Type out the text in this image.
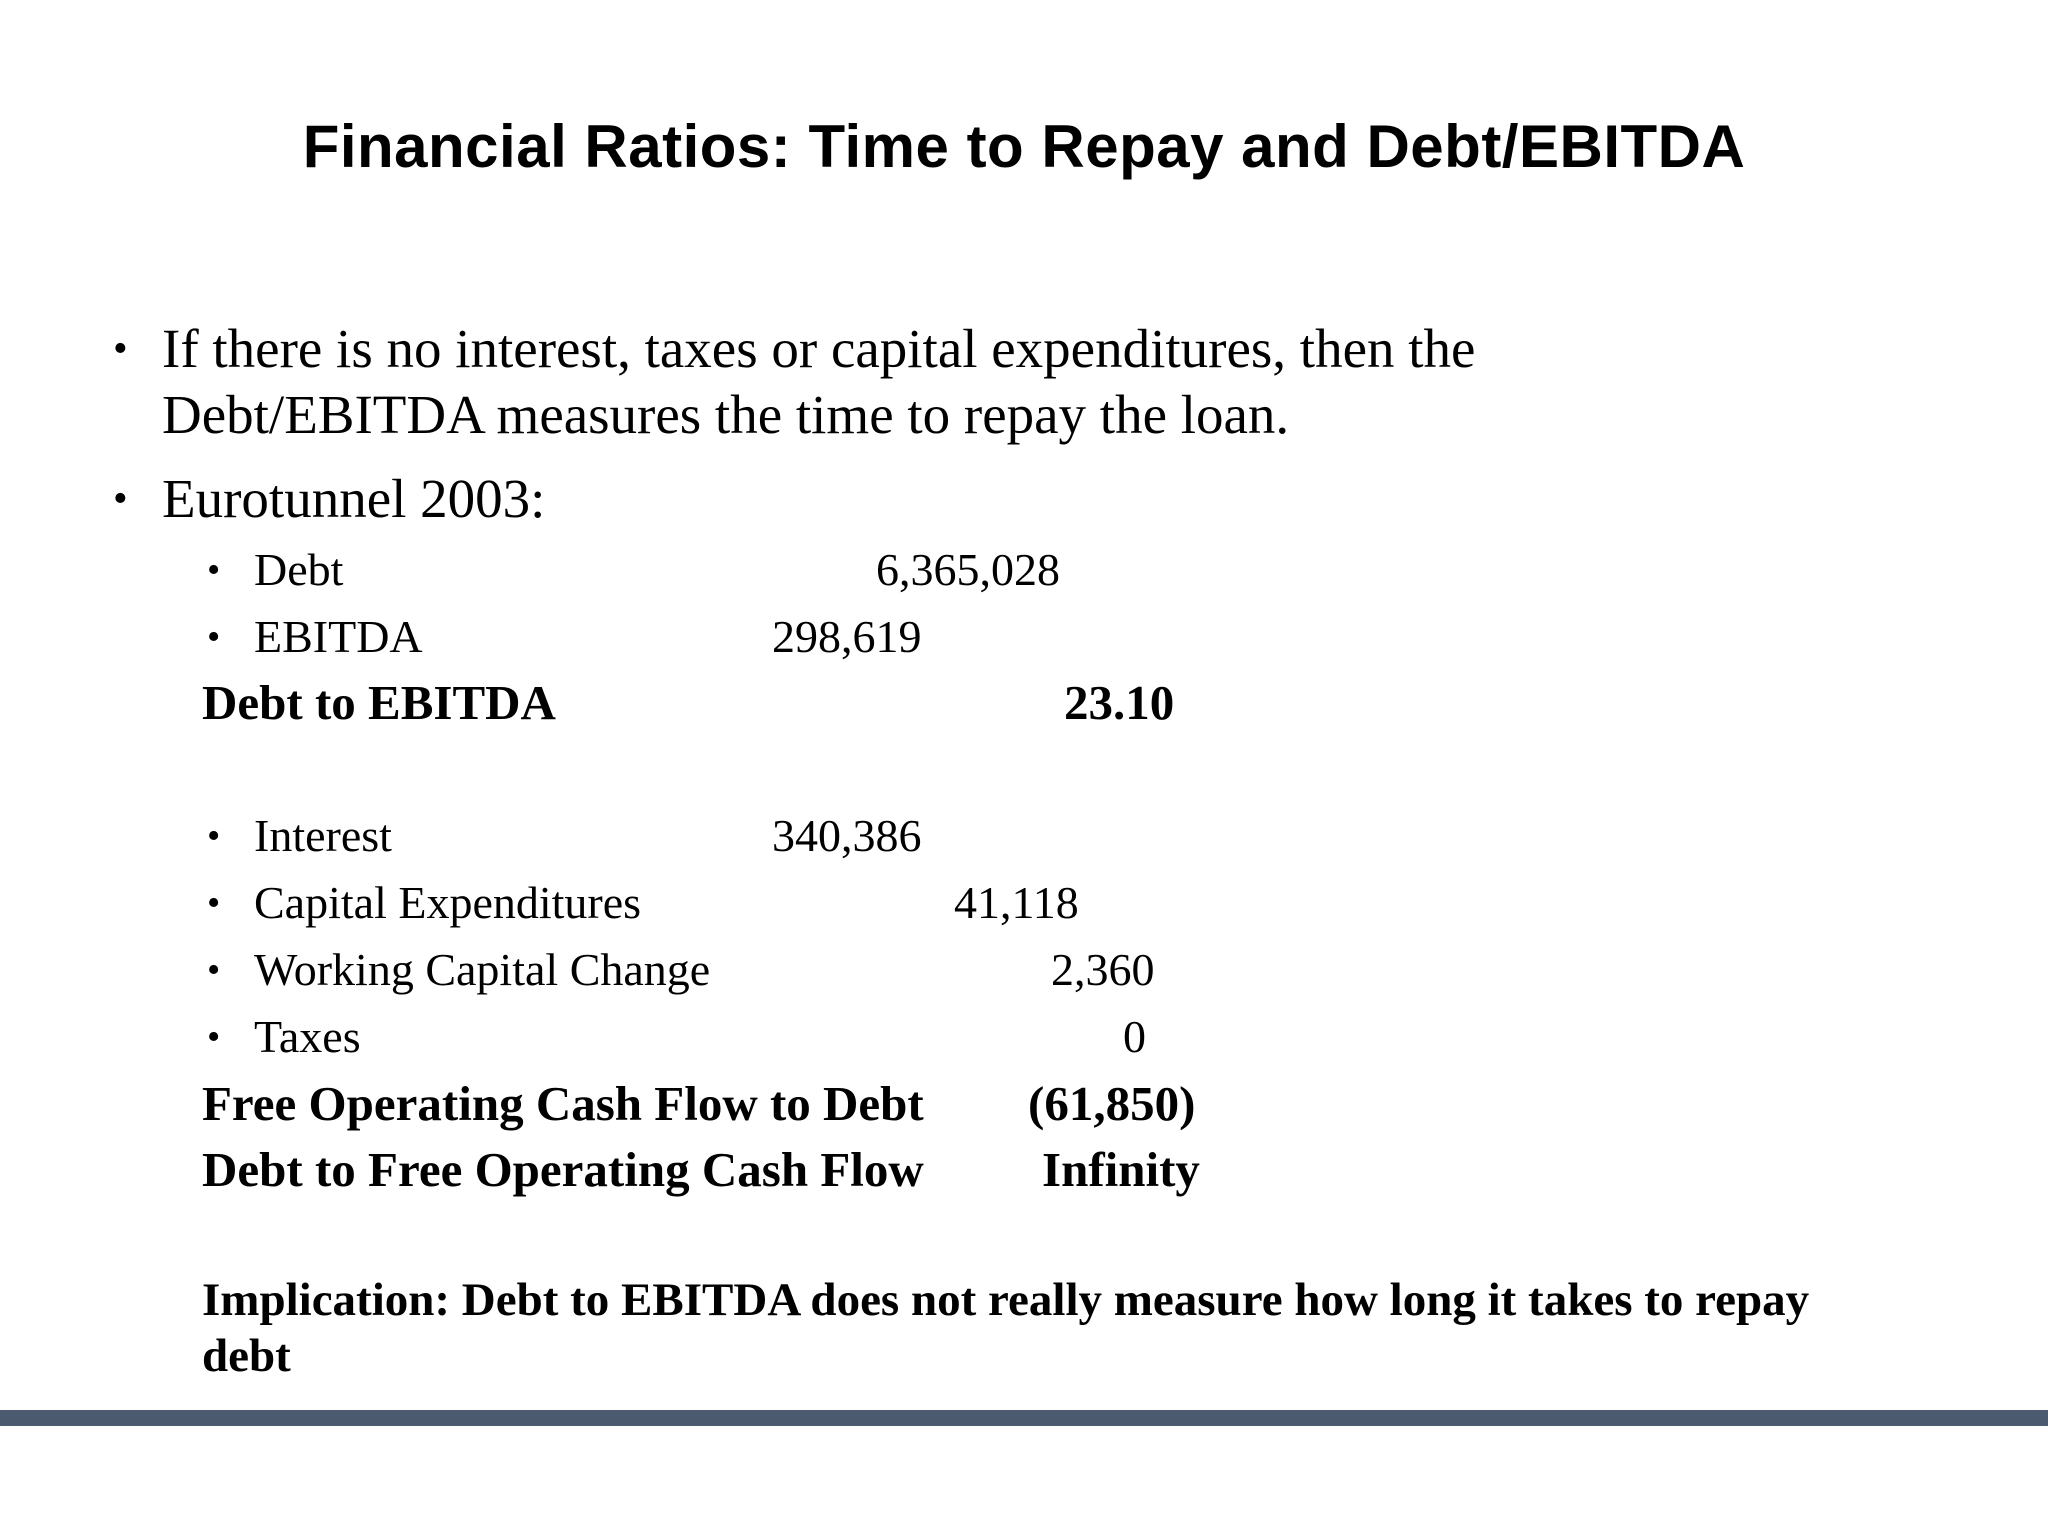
Financial Ratios: Time to Repay and Debt/EBITDA
• If there is no interest, taxes or capital expenditures, then the Debt/EBITDA measures the time to repay the loan.
• Eurotunnel 2003:
• Debt	6,365,028
• EBITDA	298,619
Debt to EBITDA	23.10
• Interest	340,386
• Capital Expenditures	41,118
• Working Capital Change	2,360
• Taxes	0
Free Operating Cash Flow to Debt (61,850)
Debt to Free Operating Cash Flow Infinity
Implication: Debt to EBITDA does not really measure how long it takes to repay debt
